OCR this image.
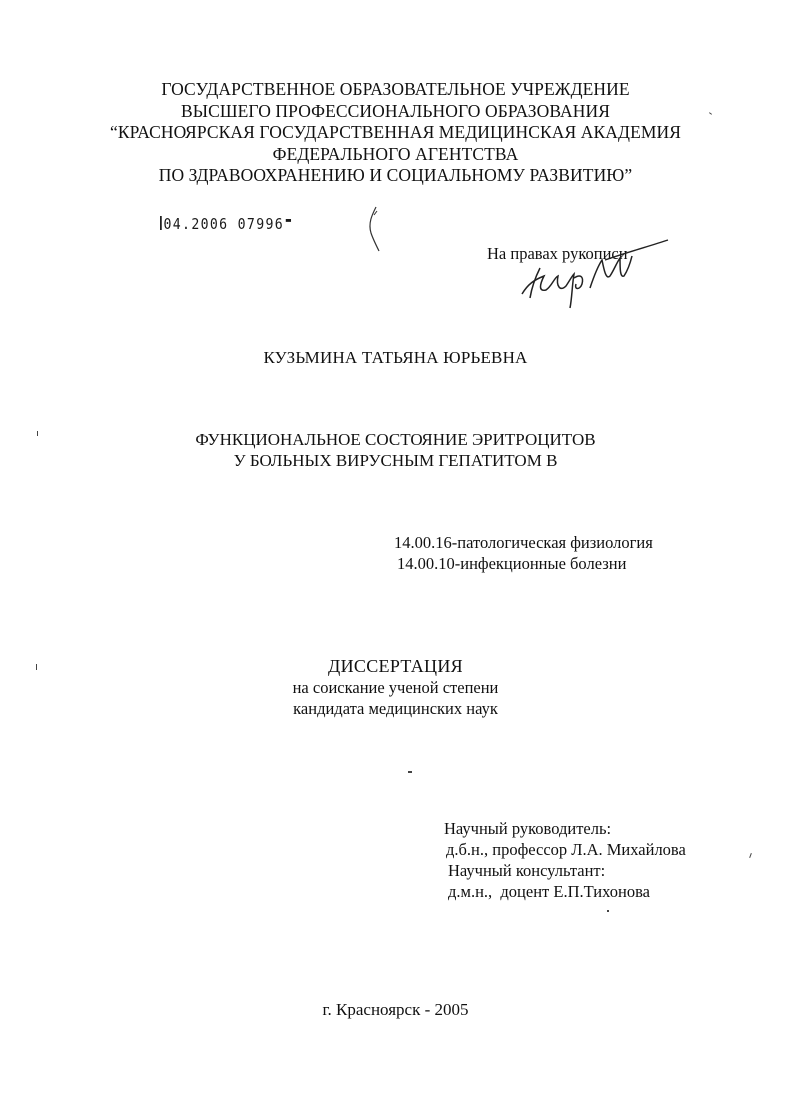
ГОСУДАРСТВЕННОЕ ОБРАЗОВАТЕЛЬНОЕ УЧРЕЖДЕНИЕ
ВЫСШЕГО ПРОФЕССИОНАЛЬНОГО ОБРАЗОВАНИЯ
“КРАСНОЯРСКАЯ ГОСУДАРСТВЕННАЯ МЕДИЦИНСКАЯ АКАДЕМИЯ
ФЕДЕРАЛЬНОГО АГЕНТСТВА
ПО ЗДРАВООХРАНЕНИЮ И СОЦИАЛЬНОМУ РАЗВИТИЮ”
04.2006 07996 ▬
На правах рукописи
КУЗЬМИНА ТАТЬЯНА ЮРЬЕВНА
ФУНКЦИОНАЛЬНОЕ СОСТОЯНИЕ ЭРИТРОЦИТОВ
У БОЛЬНЫХ ВИРУСНЫМ ГЕПАТИТОМ В
14.00.16-патологическая физиология
14.00.10-инфекционные болезни
ДИССЕРТАЦИЯ
на соискание ученой степени
кандидата медицинских наук
Научный руководитель:
д.б.н., профессор Л.А. Михайлова
Научный консультант:
д.м.н.,  доцент Е.П.Тихонова
г. Красноярск - 2005
